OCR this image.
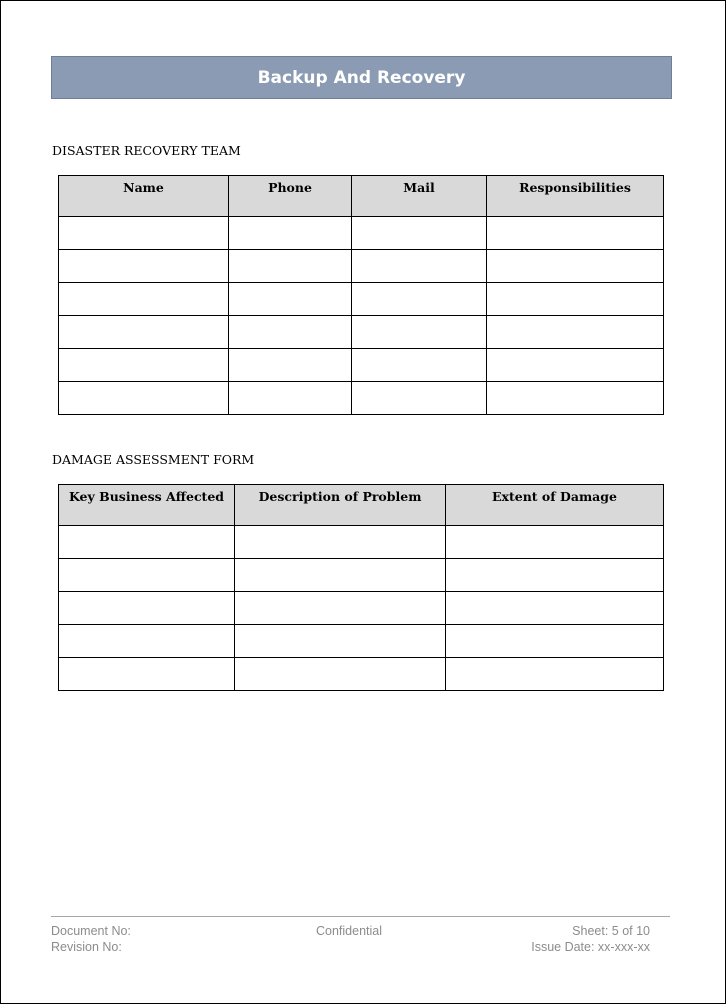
Backup And Recovery
DISASTER RECOVERY TEAM
Name	Phone	Mail	Responsibilities

DAMAGE ASSESSMENT FORM
Key Business Affected	Description of Problem	Extent of Damage

Document No:
Revision No:
Confidential	Sheet: 5 of 10
Issue Date: xx-xxx-xx
